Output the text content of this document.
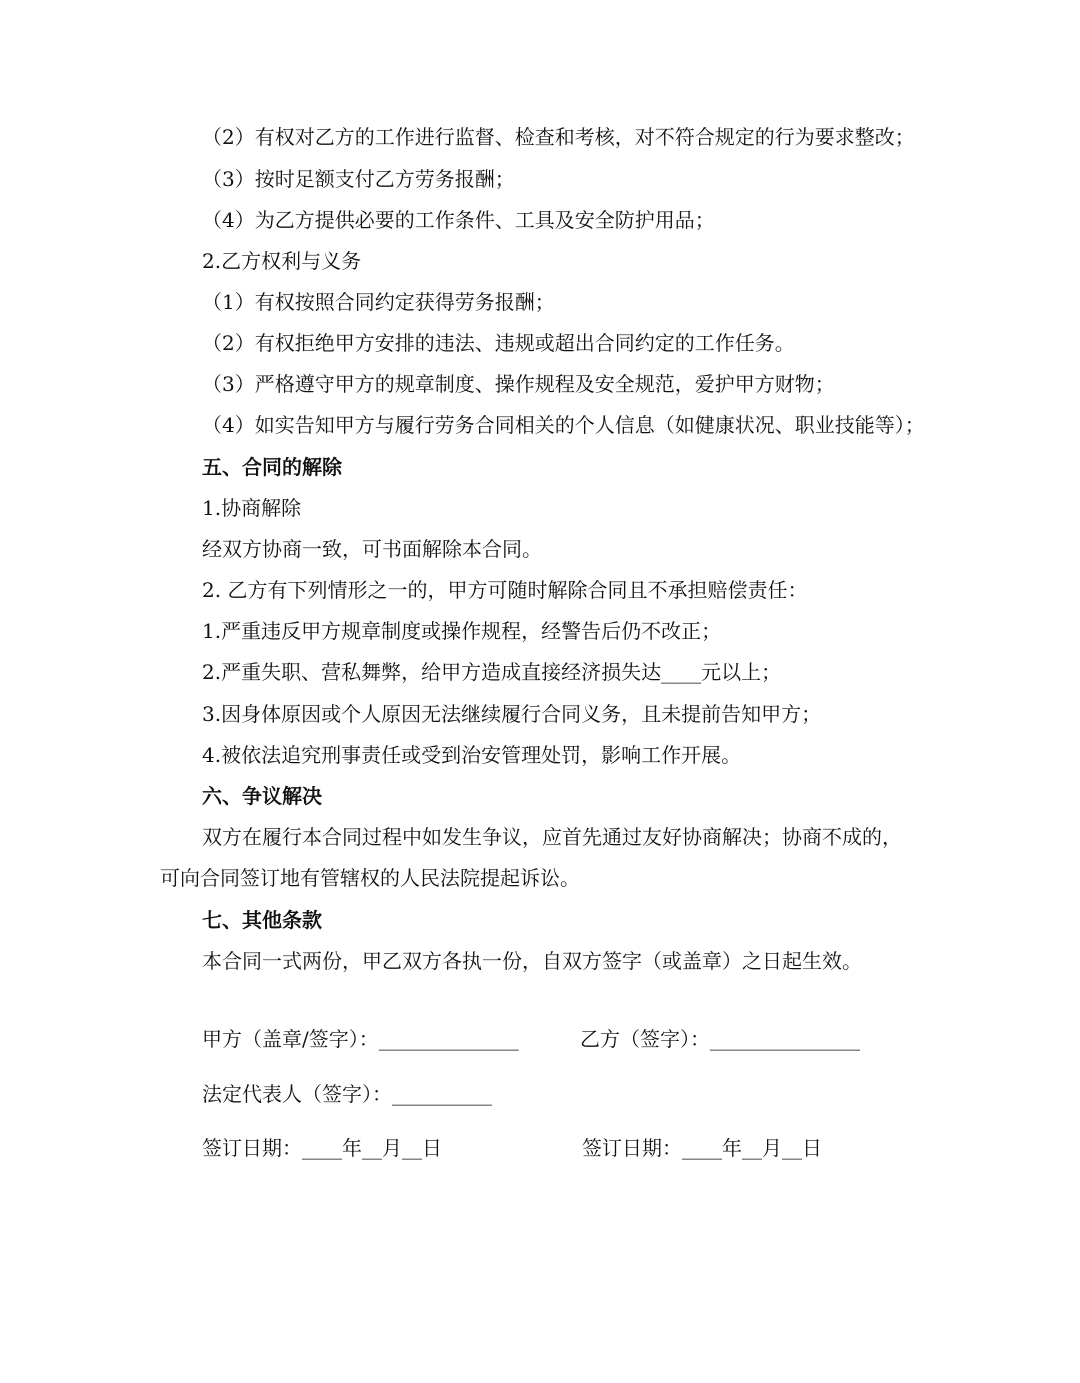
（2）有权对乙方的工作进行监督、检查和考核，对不符合规定的行为要求整改；
（3）按时足额支付乙方劳务报酬；
（4）为乙方提供必要的工作条件、工具及安全防护用品；
2.乙方权利与义务
（1）有权按照合同约定获得劳务报酬；
（2）有权拒绝甲方安排的违法、违规或超出合同约定的工作任务。
（3）严格遵守甲方的规章制度、操作规程及安全规范，爱护甲方财物；
（4）如实告知甲方与履行劳务合同相关的个人信息（如健康状况、职业技能等）；
五、合同的解除
1.协商解除
经双方协商一致，可书面解除本合同。
2. 乙方有下列情形之一的，甲方可随时解除合同且不承担赔偿责任：
1.严重违反甲方规章制度或操作规程，经警告后仍不改正；
2.严重失职、营私舞弊，给甲方造成直接经济损失达____元以上；
3.因身体原因或个人原因无法继续履行合同义务，且未提前告知甲方；
4.被依法追究刑事责任或受到治安管理处罚，影响工作开展。
六、争议解决
双方在履行本合同过程中如发生争议，应首先通过友好协商解决；协商不成的，
可向合同签订地有管辖权的人民法院提起诉讼。
七、其他条款
本合同一式两份，甲乙双方各执一份，自双方签字（或盖章）之日起生效。
甲方（盖章/签字）：______________	乙方（签字）：_______________
法定代表人（签字）：__________
签订日期：____年__月__日	签订日期：____年__月__日
